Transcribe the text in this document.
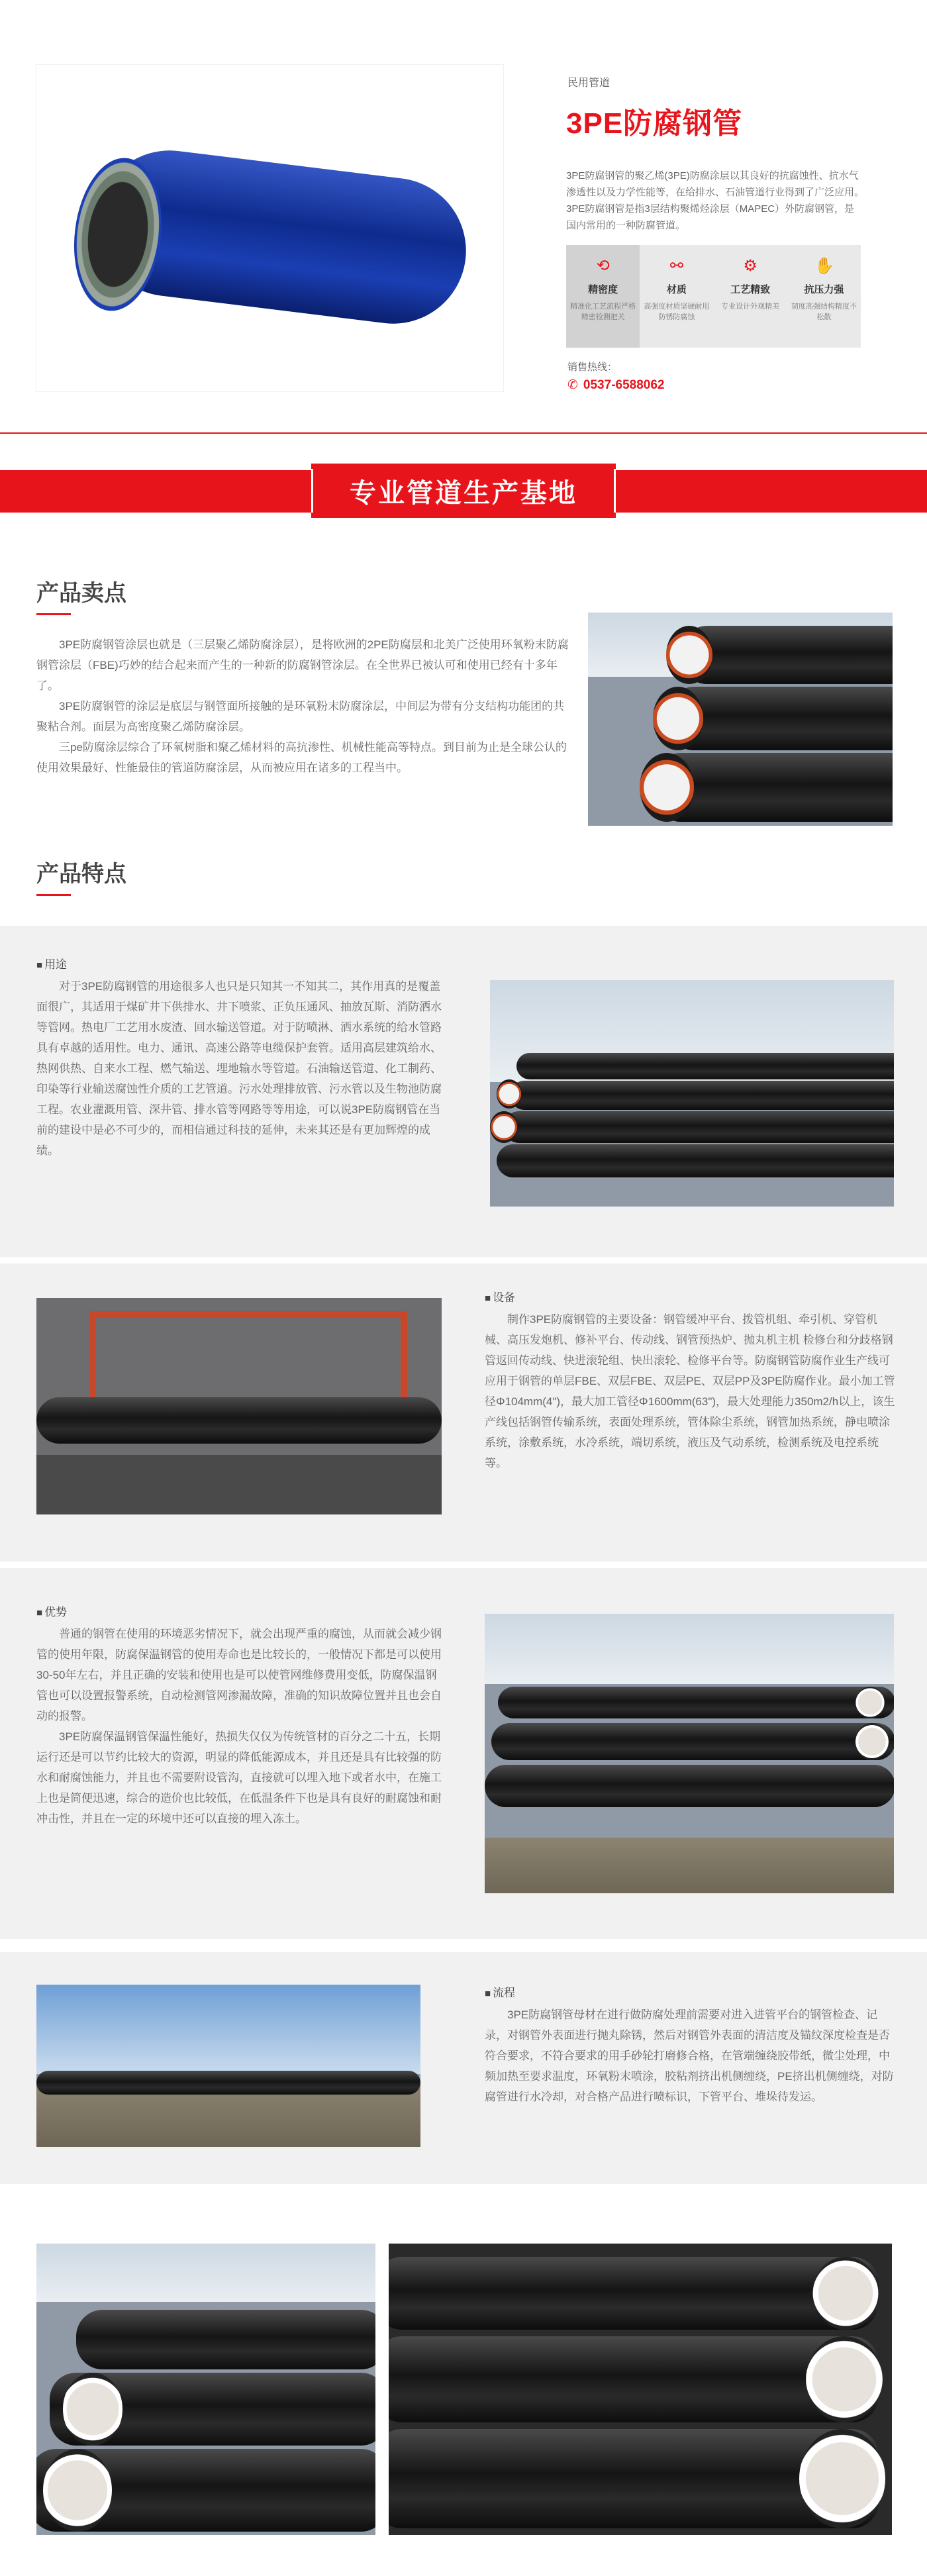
民用管道
3PE防腐钢管
3PE防腐钢管的聚乙烯(3PE)防腐涂层以其良好的抗腐蚀性、抗水气渗透性以及力学性能等，在给排水、石油管道行业得到了广泛应用。3PE防腐钢管是指3层结构聚烯烃涂层（MAPEC）外防腐钢管，是国内常用的一种防腐管道。
⟲
精密度
精准化工艺流程严格精密检测把关
⚯
材质
高强度材质坚硬耐用防锈防腐蚀
⚙
工艺精致
专业设计外观精美
✋
抗压力强
韧度高强结构精度不松散
销售热线：
✆ 0537-6588062
专业管道生产基地
产品卖点

3PE防腐钢管涂层也就是（三层聚乙烯防腐涂层），是将欧洲的2PE防腐层和北美广泛使用环氧粉末防腐钢管涂层（FBE)巧妙的结合起来而产生的一种新的防腐钢管涂层。在全世界已被认可和使用已经有十多年了。

3PE防腐钢管的涂层是底层与钢管面所接触的是环氧粉末防腐涂层，中间层为带有分支结构功能团的共聚粘合剂。面层为高密度聚乙烯防腐涂层。

三pe防腐涂层综合了环氧树脂和聚乙烯材料的高抗渗性、机械性能高等特点。到目前为止是全球公认的使用效果最好、性能最佳的管道防腐涂层，从而被应用在诸多的工程当中。

产品特点
■ 用途

对于3PE防腐钢管的用途很多人也只是只知其一不知其二，其作用真的是覆盖面很广，其适用于煤矿井下供排水、井下喷浆、正负压通风、抽放瓦斯、消防洒水等管网。热电厂工艺用水废渣、回水输送管道。对于防喷淋、洒水系统的给水管路具有卓越的适用性。电力、通讯、高速公路等电缆保护套管。适用高层建筑给水、热网供热、自来水工程、燃气输送、埋地输水等管道。石油输送管道、化工制药、印染等行业输送腐蚀性介质的工艺管道。污水处理排放管、污水管以及生物池防腐工程。农业灌溉用管、深井管、排水管等网路等等用途，可以说3PE防腐钢管在当前的建设中是必不可少的，而相信通过科技的延伸，未来其还是有更加辉煌的成绩。

■ 设备

制作3PE防腐钢管的主要设备：钢管缓冲平台、拨管机组、牵引机、穿管机械、高压发炮机、修补平台、传动线、钢管预热炉、抛丸机主机 检修台和分歧格钢管返回传动线、快进滚轮组、快出滚轮、检修平台等。防腐钢管防腐作业生产线可应用于钢管的单层FBE、双层FBE、双层PE、双层PP及3PE防腐作业。最小加工管径Φ104mm(4")，最大加工管径Φ1600mm(63")，最大处理能力350m2/h以上，该生产线包括钢管传输系统，表面处理系统，管体除尘系统，钢管加热系统，静电喷涂系统，涂敷系统，水冷系统，端切系统，液压及气动系统，检测系统及电控系统等。

■ 优势

普通的钢管在使用的环境恶劣情况下，就会出现严重的腐蚀，从而就会减少钢管的使用年限，防腐保温钢管的使用寿命也是比较长的，一般情况下都是可以使用30-50年左右，并且正确的安装和使用也是可以使管网维修费用变低，防腐保温钢管也可以设置报警系统，自动检测管网渗漏故障，准确的知识故障位置并且也会自动的报警。

3PE防腐保温钢管保温性能好，热损失仅仅为传统管材的百分之二十五，长期运行还是可以节约比较大的资源，明显的降低能源成本，并且还是具有比较强的防水和耐腐蚀能力，并且也不需要附设管沟，直接就可以埋入地下或者水中，在施工上也是简便迅速，综合的造价也比较低，在低温条件下也是具有良好的耐腐蚀和耐冲击性，并且在一定的环境中还可以直接的埋入冻土。

■ 流程

3PE防腐钢管母材在进行做防腐处理前需要对进入进管平台的钢管检查、记录，对钢管外表面进行抛丸除锈，然后对钢管外表面的清洁度及锚纹深度检查是否符合要求，不符合要求的用手砂轮打磨修合格，在管端缠绕胶带纸，微尘处理，中频加热至要求温度，环氧粉末喷涂，胶粘剂挤出机侧缠绕，PE挤出机侧缠绕，对防腐管进行水冷却，对合格产品进行喷标识，下管平台、堆垛待发运。
